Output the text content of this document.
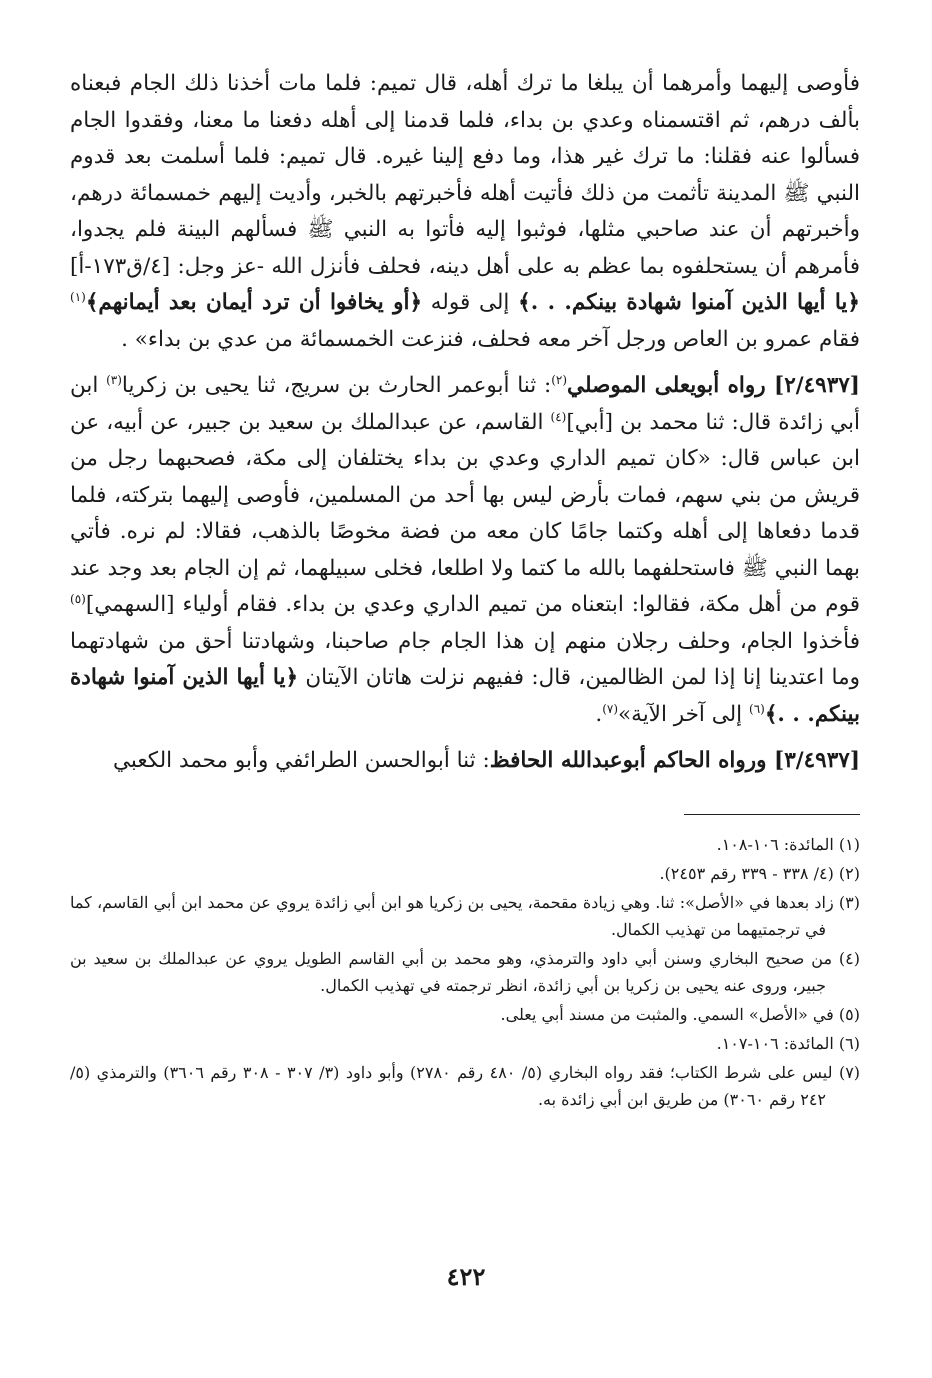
فأوصى إليهما وأمرهما أن يبلغا ما ترك أهله، قال تميم: فلما مات أخذنا ذلك الجام فبعناه بألف درهم، ثم اقتسمناه وعدي بن بداء، فلما قدمنا إلى أهله دفعنا ما معنا، وفقدوا الجام فسألوا عنه فقلنا: ما ترك غير هذا، وما دفع إلينا غيره. قال تميم: فلما أسلمت بعد قدوم النبي ﷺ المدينة تأثمت من ذلك فأتيت أهله فأخبرتهم بالخبر، وأديت إليهم خمسمائة درهم، وأخبرتهم أن عند صاحبي مثلها، فوثبوا إليه فأتوا به النبي ﷺ فسألهم البينة فلم يجدوا، فأمرهم أن يستحلفوه بما عظم به على أهل دينه، فحلف فأنزل الله -عز وجل: [٤/ق١٧٣-أ] ﴿يا أيها الذين آمنوا شهادة بينكم. . .﴾ إلى قوله ﴿أو يخافوا أن ترد أيمان بعد أيمانهم﴾$^{(١)}$ فقام عمرو بن العاص ورجل آخر معه فحلف، فنزعت الخمسمائة من عدي بن بداء» .

[٢/٤٩٣٧] رواه أبويعلى الموصلي$^{(٢)}$: ثنا أبوعمر الحارث بن سريج، ثنا يحيى بن زكريا$^{(٣)}$ ابن أبي زائدة قال: ثنا محمد بن [أبي]$^{(٤)}$ القاسم، عن عبدالملك بن سعيد بن جبير، عن أبيه، عن ابن عباس قال: «كان تميم الداري وعدي بن بداء يختلفان إلى مكة، فصحبهما رجل من قريش من بني سهم، فمات بأرض ليس بها أحد من المسلمين، فأوصى إليهما بتركته، فلما قدما دفعاها إلى أهله وكتما جامًا كان معه من فضة مخوصًا بالذهب، فقالا: لم نره. فأتي بهما النبي ﷺ فاستحلفهما بالله ما كتما ولا اطلعا، فخلى سبيلهما، ثم إن الجام بعد وجد عند قوم من أهل مكة، فقالوا: ابتعناه من تميم الداري وعدي بن بداء. فقام أولياء [السهمي]$^{(٥)}$ فأخذوا الجام، وحلف رجلان منهم إن هذا الجام جام صاحبنا، وشهادتنا أحق من شهادتهما وما اعتدينا إنا إذا لمن الظالمين، قال: ففيهم نزلت هاتان الآيتان ﴿يا أيها الذين آمنوا شهادة بينكم. . .﴾$^{(٦)}$ إلى آخر الآية»$^{(٧)}$.

[٣/٤٩٣٧] ورواه الحاكم أبوعبدالله الحافظ: ثنا أبوالحسن الطرائفي وأبو محمد الكعبي

(١) المائدة: ١٠٦-١٠٨.
(٢) (٤/ ٣٣٨ - ٣٣٩ رقم ٢٤٥٣).
(٣) زاد بعدها في «الأصل»: ثنا. وهي زيادة مقحمة، يحيى بن زكريا هو ابن أبي زائدة يروي عن محمد ابن أبي القاسم، كما في ترجمتيهما من تهذيب الكمال.
(٤) من صحيح البخاري وسنن أبي داود والترمذي، وهو محمد بن أبي القاسم الطويل يروي عن عبدالملك بن سعيد بن جبير، وروى عنه يحيى بن زكريا بن أبي زائدة، انظر ترجمته في تهذيب الكمال.
(٥) في «الأصل» السمي. والمثبت من مسند أبي يعلى.
(٦) المائدة: ١٠٦-١٠٧.
(٧) ليس على شرط الكتاب؛ فقد رواه البخاري (٥/ ٤٨٠ رقم ٢٧٨٠) وأبو داود (٣/ ٣٠٧ - ٣٠٨ رقم ٣٦٠٦) والترمذي (٥/ ٢٤٢ رقم ٣٠٦٠) من طريق ابن أبي زائدة به.
٤٢٢
